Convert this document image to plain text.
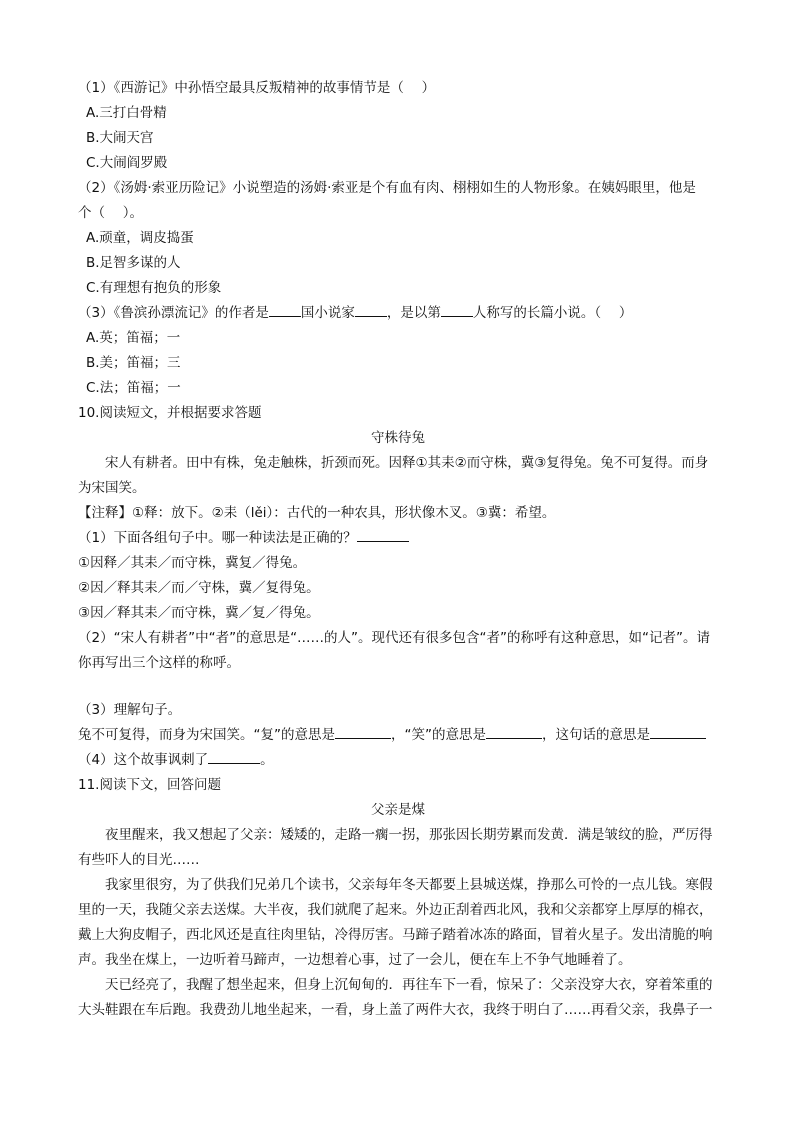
（1）《西游记》中孙悟空最具反叛精神的故事情节是（　 ）
A.三打白骨精
B.大闹天宫
C.大闹阎罗殿
（2）《汤姆·索亚历险记》小说塑造的汤姆·索亚是个有血有肉、栩栩如生的人物形象。在姨妈眼里，他是
个（　 ）。
A.顽童，调皮捣蛋
B.足智多谋的人
C.有理想有抱负的形象
（3）《鲁滨孙漂流记》的作者是 国小说家 ，是以第 人称写的长篇小说。（　 ）
A.英；笛福；一
B.美；笛福；三
C.法；笛福；一
10.阅读短文，并根据要求答题
守株待兔
宋人有耕者。田中有株，兔走触株，折颈而死。因释①其耒②而守株，冀③复得兔。兔不可复得。而身为宋国笑。
【注释】①释：放下。②耒（lěi）：古代的一种农具，形状像木叉。③冀：希望。
（1）下面各组句子中。哪一种读法是正确的？
①因释／其耒／而守株，冀复／得兔。
②因／释其耒／而／守株，冀／复得兔。
③因／释其耒／而守株，冀／复／得兔。
（2）“宋人有耕者”中“者”的意思是“……的人”。现代还有很多包含“者”的称呼有这种意思，如“记者”。请你再写出三个这样的称呼。
（3）理解句子。
兔不可复得，而身为宋国笑。“复”的意思是	，“笑”的意思是	，这句话的意思是
（4）这个故事讽刺了	。
11.阅读下文，回答问题
父亲是煤
夜里醒来，我又想起了父亲：矮矮的，走路一瘸一拐，那张因长期劳累而发黄．满是皱纹的脸，严厉得有些吓人的目光……
我家里很穷，为了供我们兄弟几个读书，父亲每年冬天都要上县城送煤，挣那么可怜的一点儿钱。寒假里的一天，我随父亲去送煤。大半夜，我们就爬了起来。外边正刮着西北风，我和父亲都穿上厚厚的棉衣，戴上大狗皮帽子，西北风还是直往肉里钻，冷得厉害。马蹄子踏着冰冻的路面，冒着火星子。发出清脆的响声。我坐在煤上，一边听着马蹄声，一边想着心事，过了一会儿，便在车上不争气地睡着了。
天已经亮了，我醒了想坐起来，但身上沉甸甸的．再往车下一看，惊呆了：父亲没穿大衣，穿着笨重的大头鞋跟在车后跑。我费劲儿地坐起来，一看，身上盖了两件大衣，我终于明白了……再看父亲，我鼻子一
